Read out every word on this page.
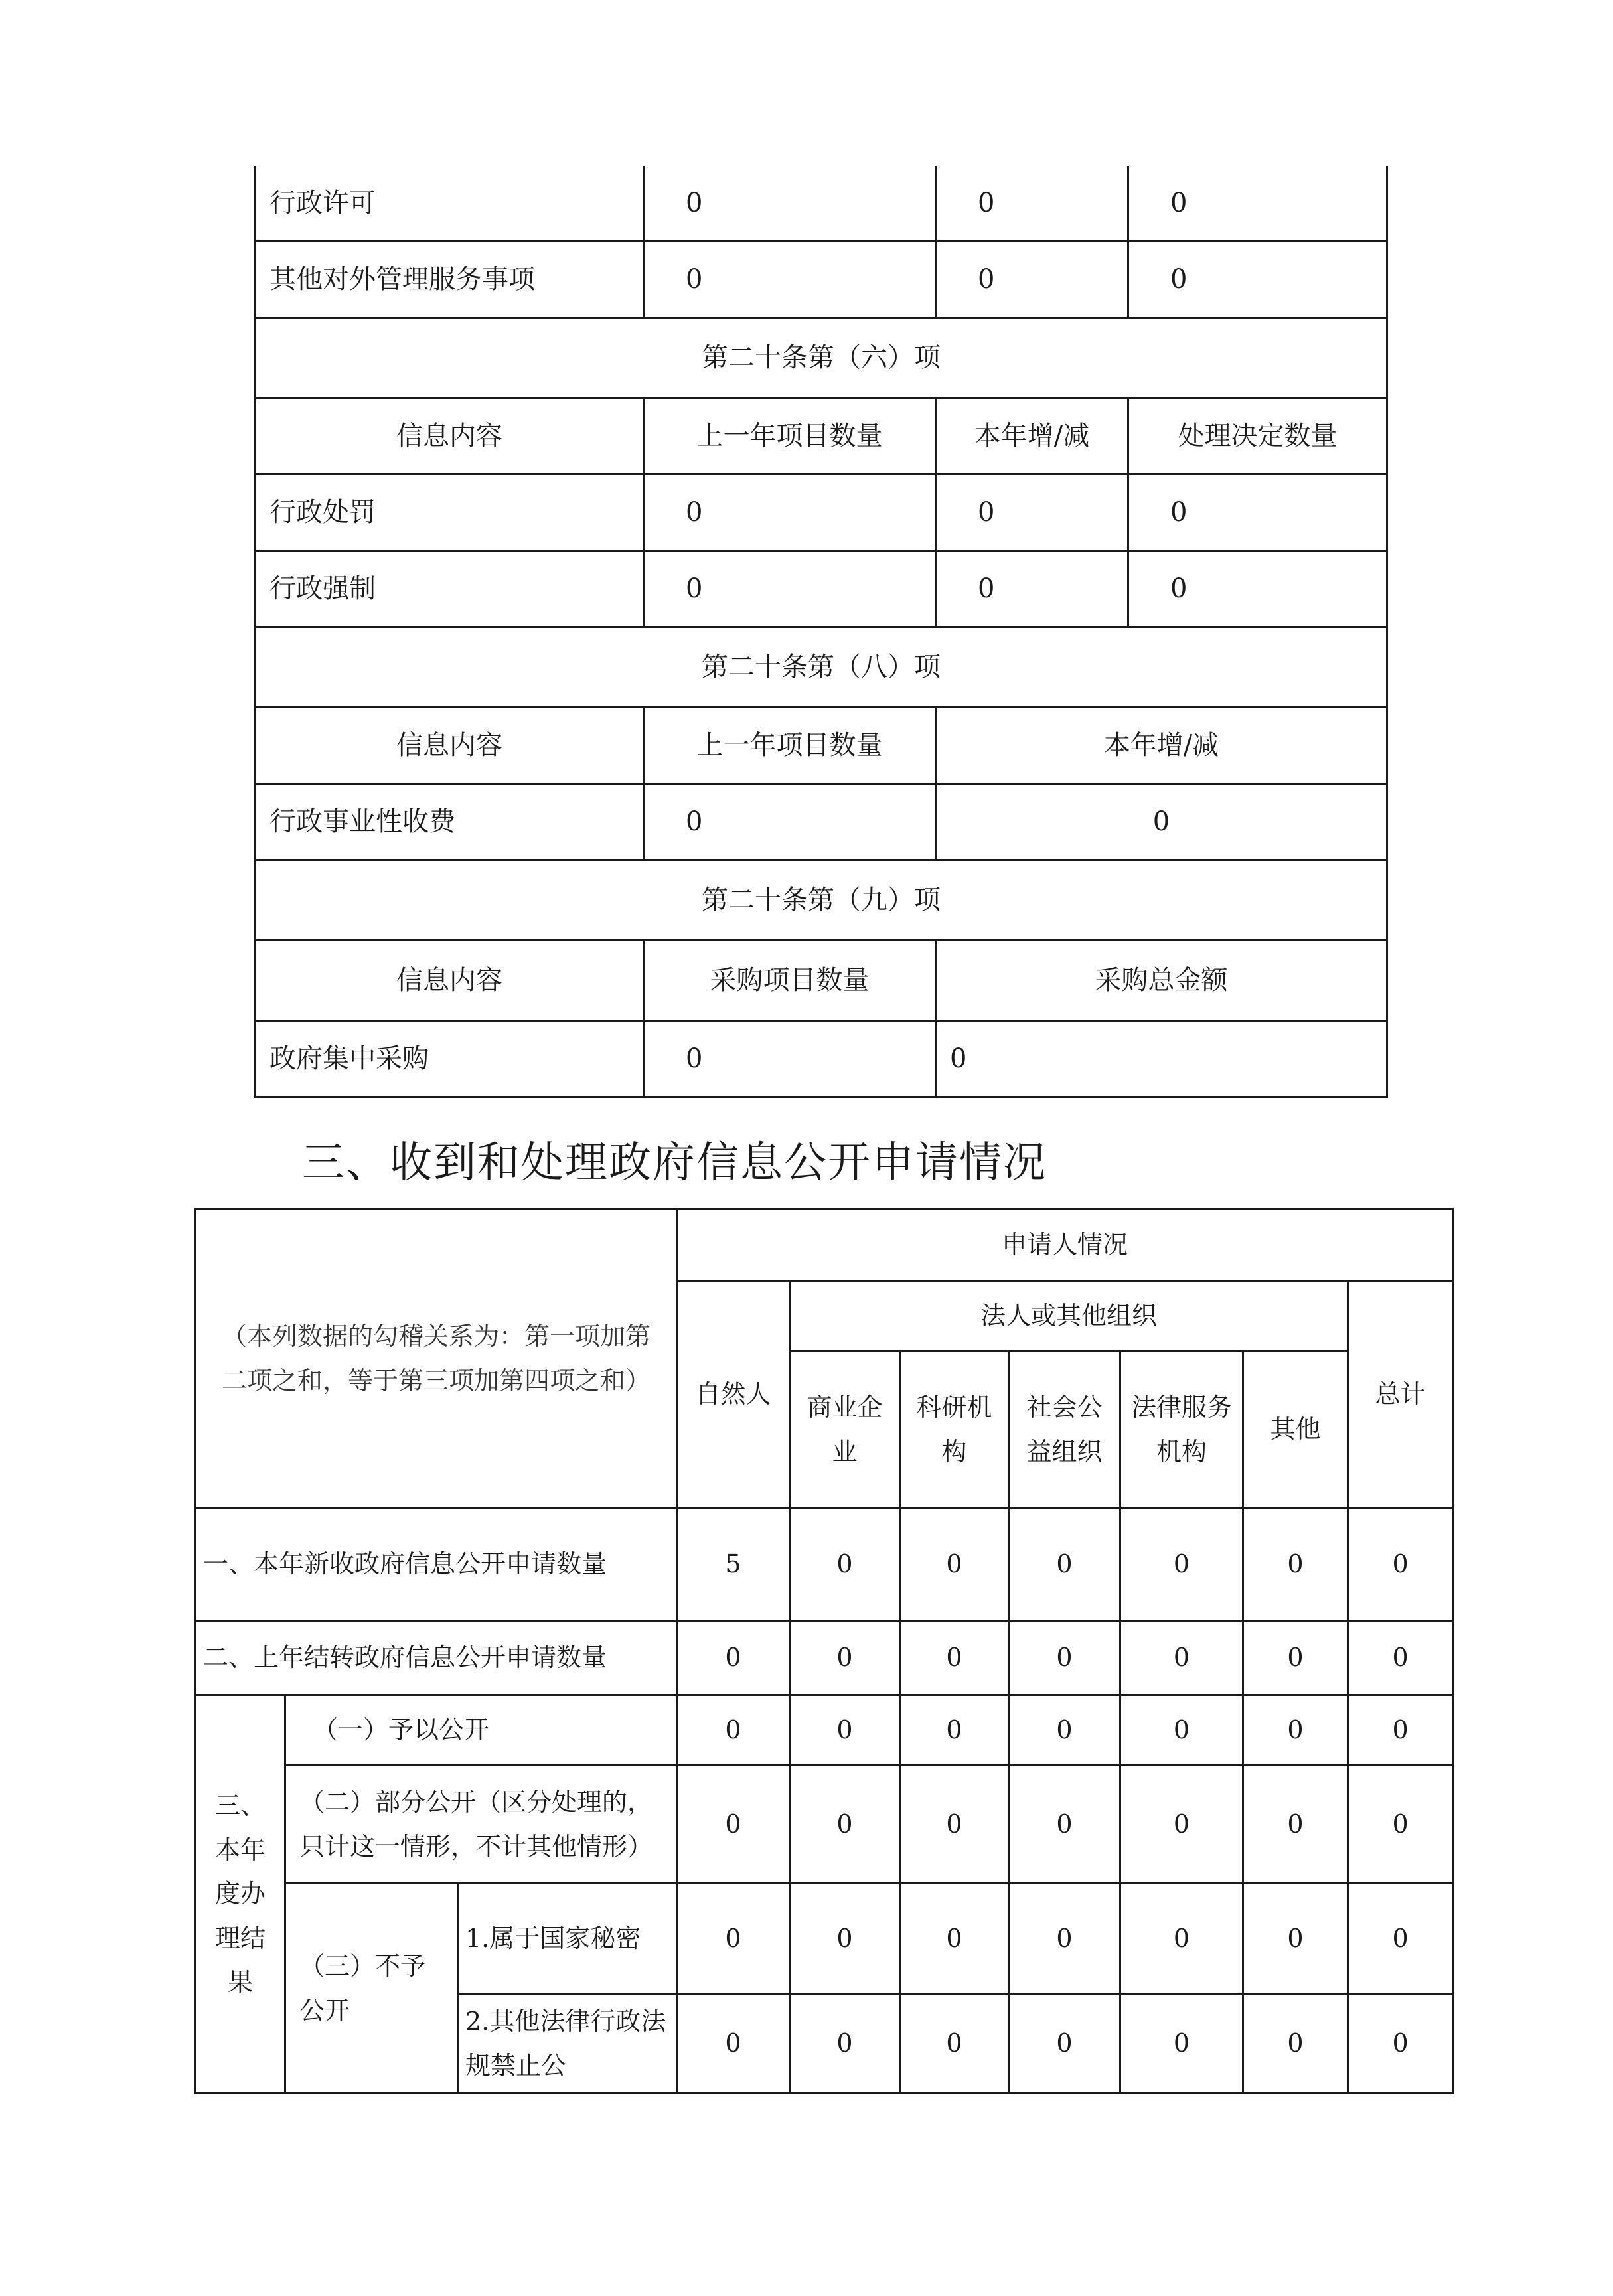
行政许可	0	0	0
其他对外管理服务事项	0	0	0
第二十条第（六）项			
信息内容	上一年项目数量	本年增/减	处理决定数量
行政处罚	0	0	0
行政强制	0	0	0
第二十条第（八）项			
信息内容	上一年项目数量	本年增/减	
行政事业性收费	0	0	
第二十条第（九）项			
信息内容	采购项目数量	采购总金额	
政府集中采购	0	0	
三、收到和处理政府信息公开申请情况
（本列数据的勾稽关系为：第一项加第二项之和，等于第三项加第四项之和）			申请人情况						
			自然人	法人或其他组织					总计
				商业企业	科研机构	社会公益组织	法律服务机构	其他	
一、本年新收政府信息公开申请数量			5	0	0	0	0	0	0
二、上年结转政府信息公开申请数量			0	0	0	0	0	0	0
三、本年度办理结果	（一）予以公开		0	0	0	0	0	0	0
	（二）部分公开（区分处理的，只计这一情形，不计其他情形）		0	0	0	0	0	0	0
	（三）不予公开	1.属于国家秘密	0	0	0	0	0	0	0
		2.其他法律行政法规禁止公	0	0	0	0	0	0	0
